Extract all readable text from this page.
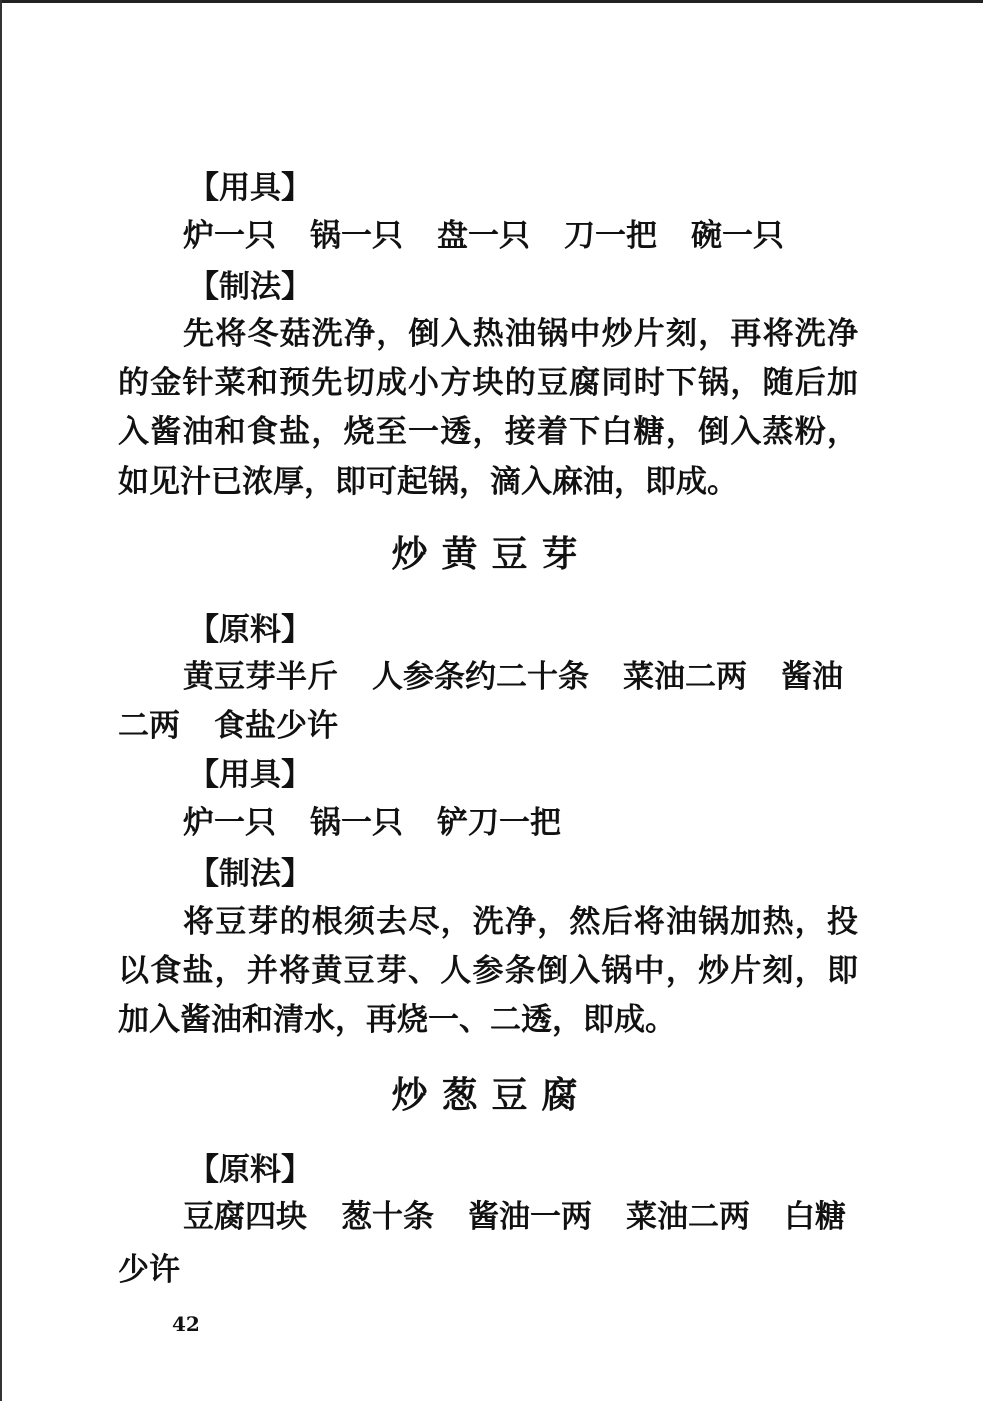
【用具】
炉一只 锅一只 盘一只 刀一把 碗一只
【制法】
先将冬菇洗净，倒入热油锅中炒片刻，再将洗净
的金针菜和预先切成小方块的豆腐同时下锅，随后加
入酱油和食盐，烧至一透，接着下白糖，倒入蒸粉，
如见汁已浓厚，即可起锅，滴入麻油，即成。
炒黄豆芽
【原料】
黄豆芽半斤 人参条约二十条 菜油二两 酱油
二两 食盐少许
【用具】
炉一只 锅一只 铲刀一把
【制法】
将豆芽的根须去尽，洗净，然后将油锅加热，投
以食盐，并将黄豆芽、人参条倒入锅中，炒片刻，即
加入酱油和清水，再烧一、二透，即成。
炒葱豆腐
【原料】
豆腐四块 葱十条 酱油一两 菜油二两 白糖
少许
42
